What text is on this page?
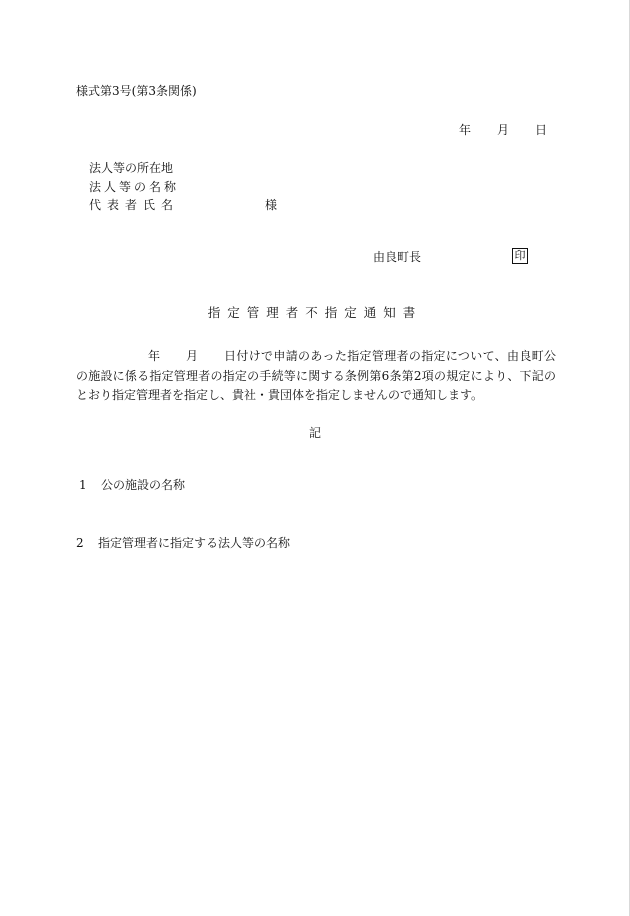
様式第3号(第3条関係)
年 月 日
法人等の所在地
法人等の名称
代表者氏名	様
由良町長	印
指定管理者不指定通知書
年 月 日付けで申請のあった指定管理者の指定について、由良町公の施設に係る指定管理者の指定の手続等に関する条例第6条第2項の規定により、下記のとおり指定管理者を指定し、貴社・貴団体を指定しませんので通知します。
記
1 公の施設の名称
2 指定管理者に指定する法人等の名称
